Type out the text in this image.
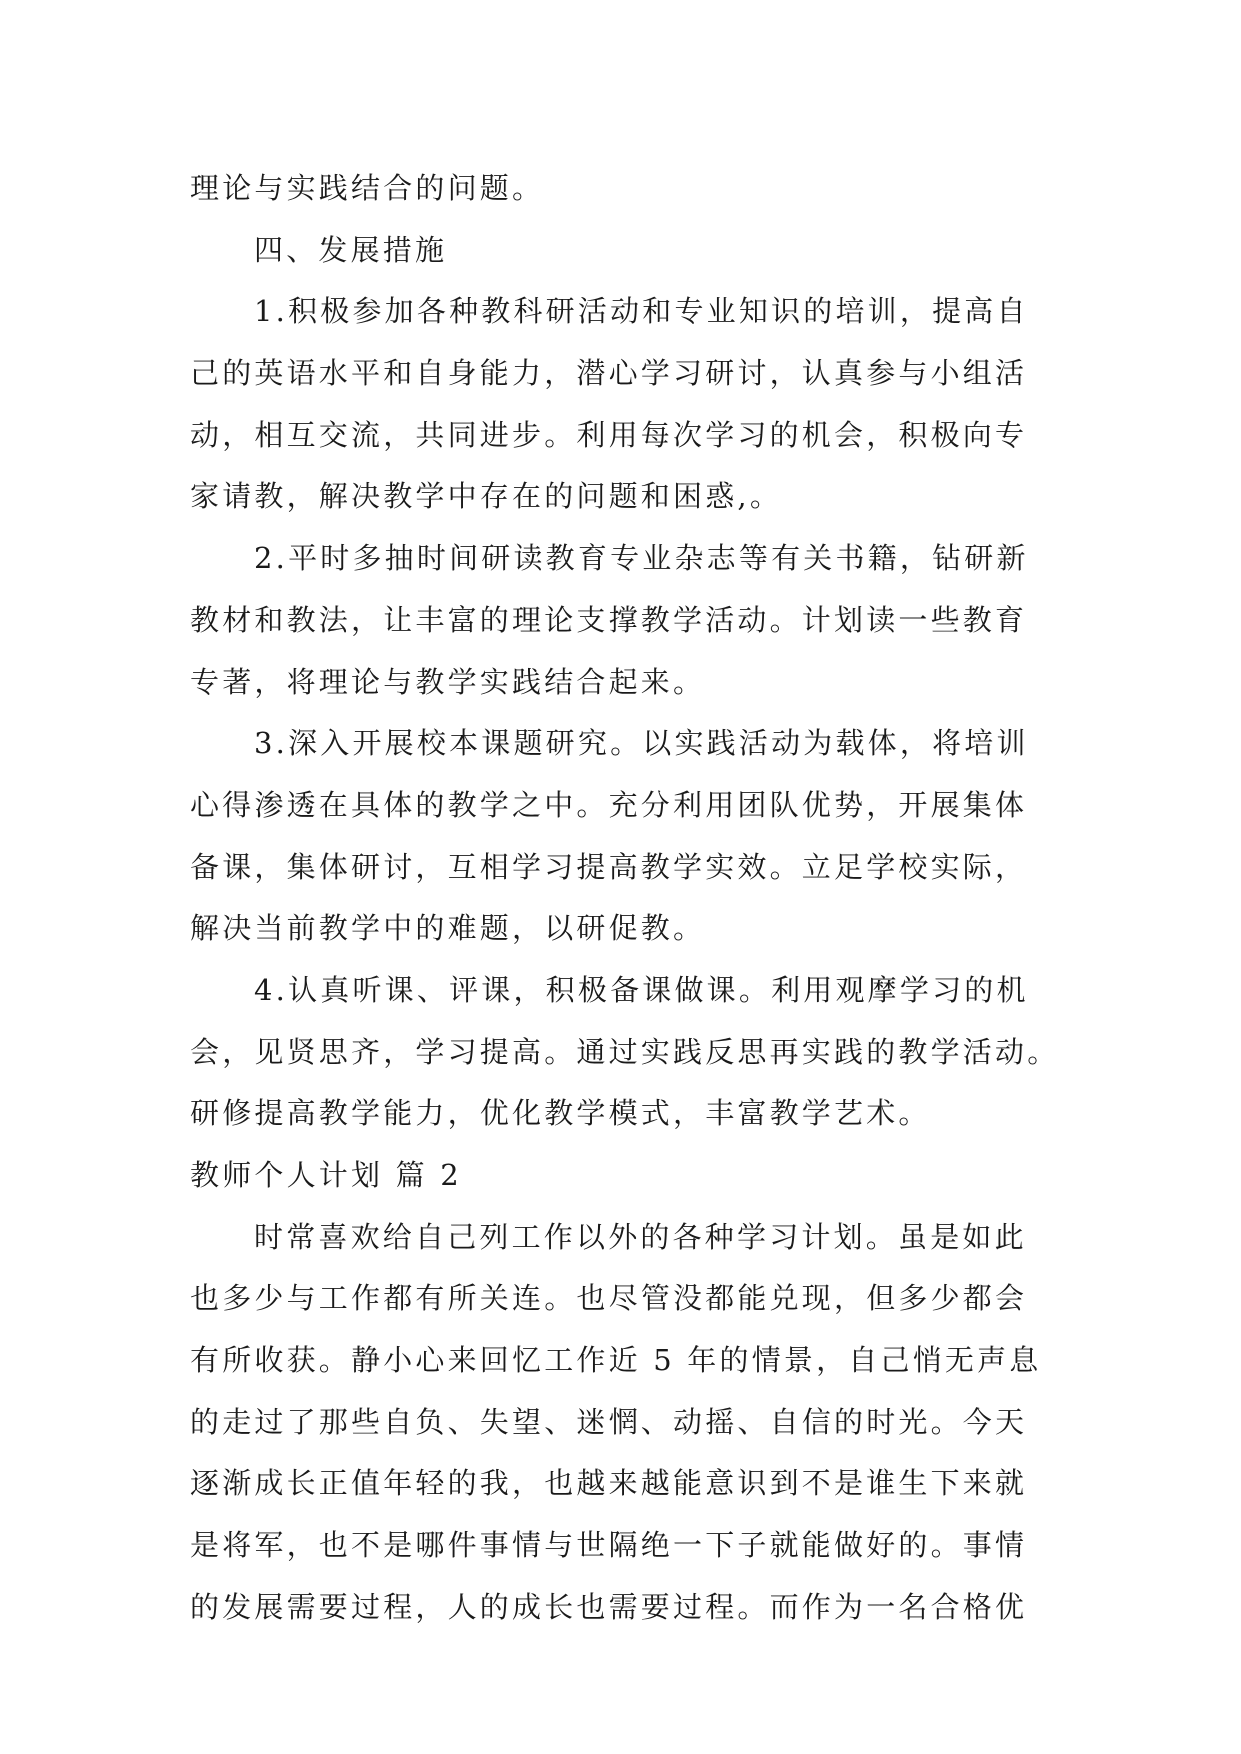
理论与实践结合的问题。
四、发展措施
1.积极参加各种教科研活动和专业知识的培训，提高自
己的英语水平和自身能力，潜心学习研讨，认真参与小组活
动，相互交流，共同进步。利用每次学习的机会，积极向专
家请教，解决教学中存在的问题和困惑,。
2.平时多抽时间研读教育专业杂志等有关书籍，钻研新
教材和教法，让丰富的理论支撑教学活动。计划读一些教育
专著，将理论与教学实践结合起来。
3.深入开展校本课题研究。以实践活动为载体，将培训
心得渗透在具体的教学之中。充分利用团队优势，开展集体
备课，集体研讨，互相学习提高教学实效。立足学校实际，
解决当前教学中的难题，以研促教。
4.认真听课、评课，积极备课做课。利用观摩学习的机
会，见贤思齐，学习提高。通过实践反思再实践的教学活动。
研修提高教学能力，优化教学模式，丰富教学艺术。
教师个人计划 篇 2
时常喜欢给自己列工作以外的各种学习计划。虽是如此
也多少与工作都有所关连。也尽管没都能兑现，但多少都会
有所收获。静小心来回忆工作近 5 年的情景，自己悄无声息
的走过了那些自负、失望、迷惘、动摇、自信的时光。今天
逐渐成长正值年轻的我，也越来越能意识到不是谁生下来就
是将军，也不是哪件事情与世隔绝一下子就能做好的。事情
的发展需要过程，人的成长也需要过程。而作为一名合格优
